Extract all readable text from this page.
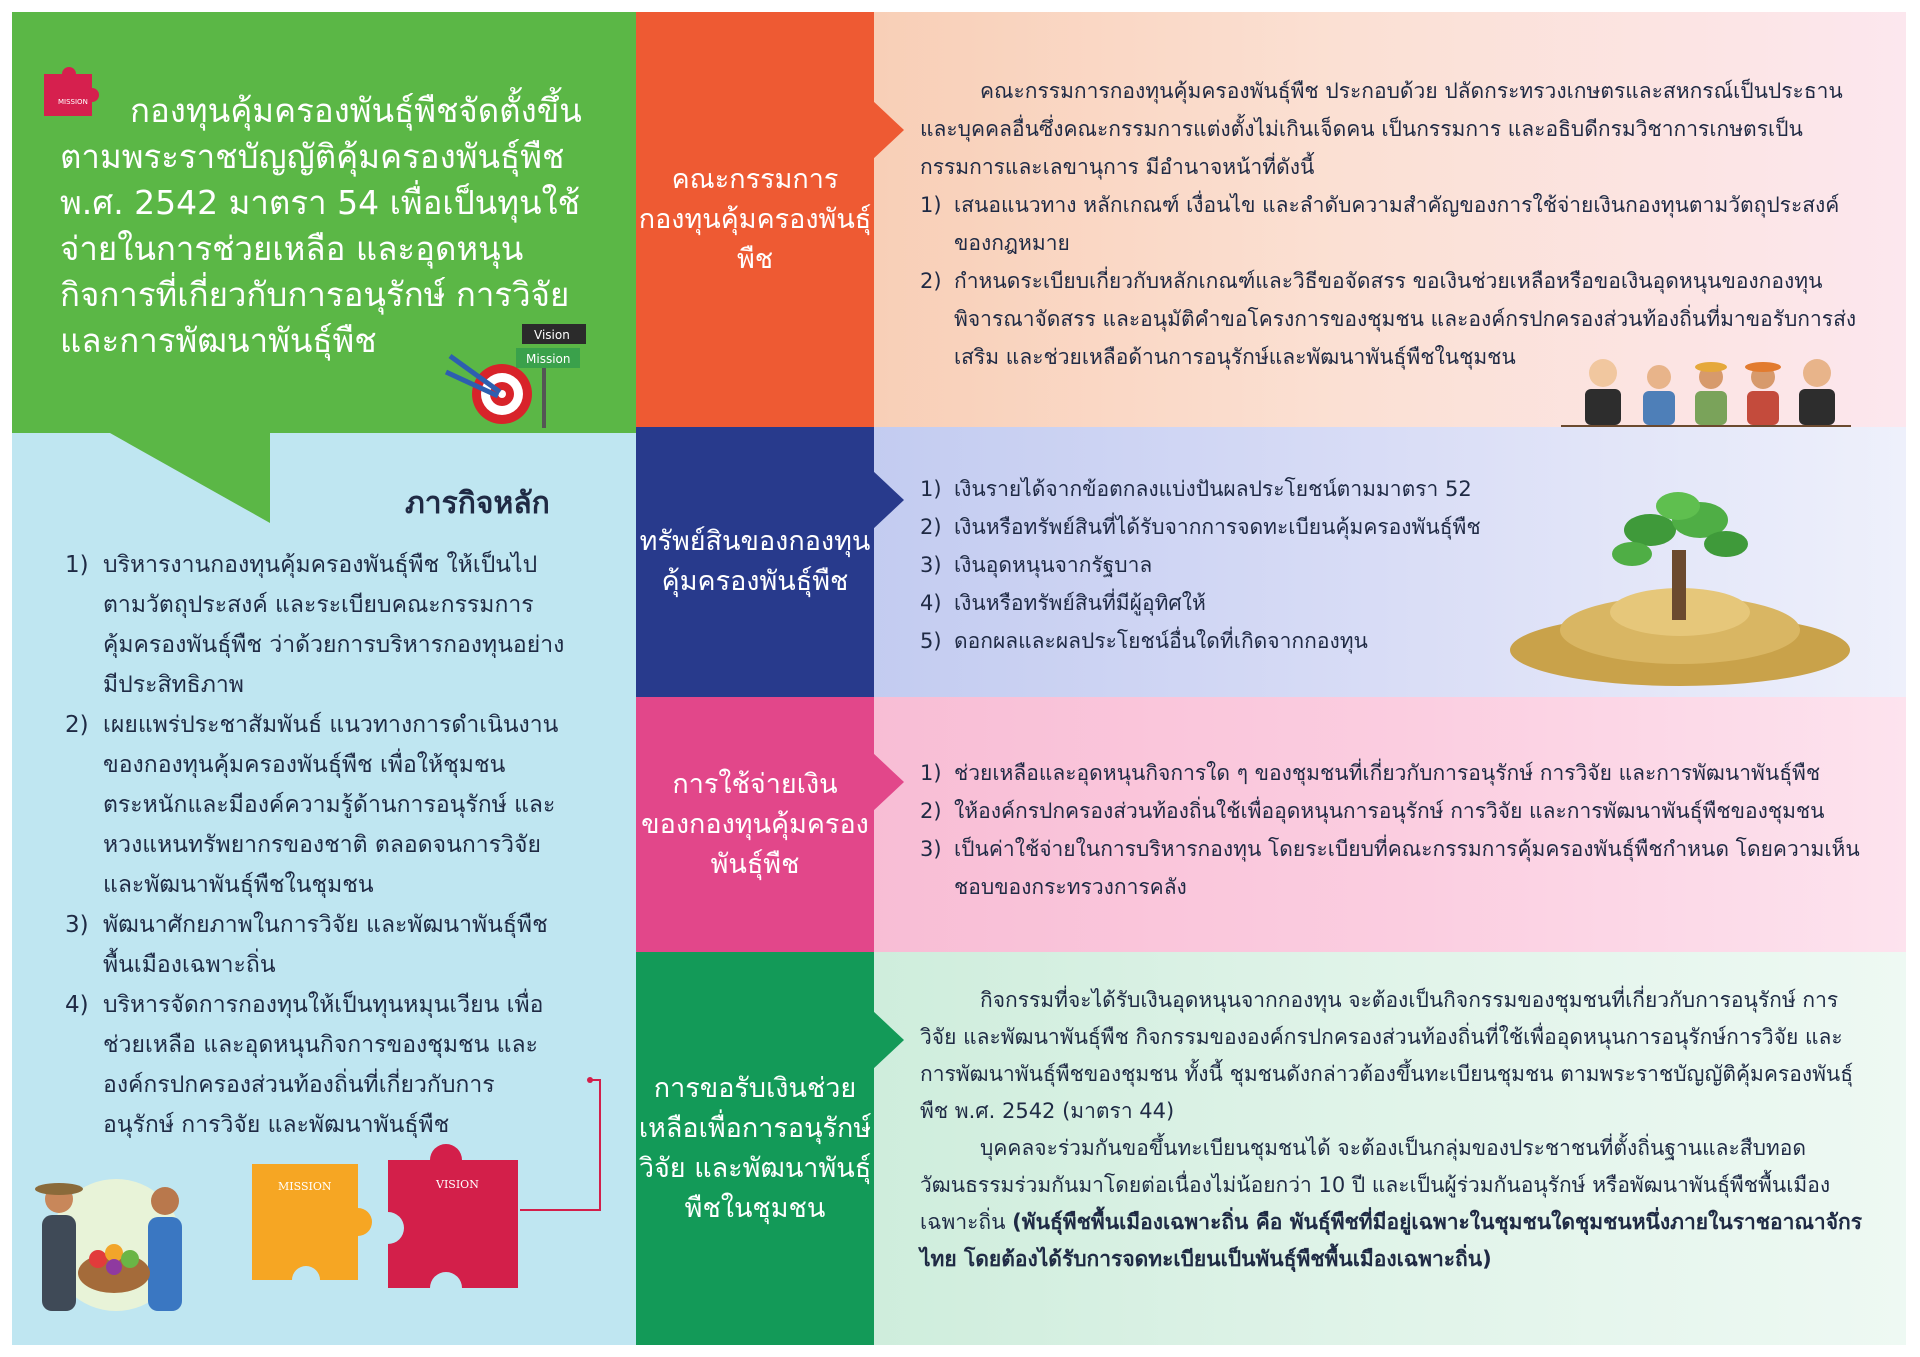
MISSION	กองทุนคุ้มครองพันธุ์พืชจัดตั้งขึ้นตามพระราชบัญญัติคุ้มครองพันธุ์พืช พ.ศ. 2542 มาตรา 54 เพื่อเป็นทุนใช้จ่ายในการช่วยเหลือ และอุดหนุนกิจการที่เกี่ยวกับการอนุรักษ์ การวิจัย และการพัฒนาพันธุ์พืช	Vision
Mission
ภารกิจหลัก
1) บริหารงานกองทุนคุ้มครองพันธุ์พืช ให้เป็นไปตามวัตถุประสงค์ และระเบียบคณะกรรมการคุ้มครองพันธุ์พืช ว่าด้วยการบริหารกองทุนอย่างมีประสิทธิภาพ
2) เผยแพร่ประชาสัมพันธ์ แนวทางการดำเนินงานของกองทุนคุ้มครองพันธุ์พืช เพื่อให้ชุมชนตระหนักและมีองค์ความรู้ด้านการอนุรักษ์ และหวงแหนทรัพยากรของชาติ ตลอดจนการวิจัย และพัฒนาพันธุ์พืชในชุมชน
3) พัฒนาศักยภาพในการวิจัย และพัฒนาพันธุ์พืชพื้นเมืองเฉพาะถิ่น
4) บริหารจัดการกองทุนให้เป็นทุนหมุนเวียน เพื่อช่วยเหลือ และอุดหนุนกิจการของชุมชน และองค์กรปกครองส่วนท้องถิ่นที่เกี่ยวกับการอนุรักษ์ การวิจัย และพัฒนาพันธุ์พืช
MISSION	VISION
คณะกรรมการกองทุนคุ้มครองพันธุ์พืช

คณะกรรมการกองทุนคุ้มครองพันธุ์พืช ประกอบด้วย ปลัดกระทรวงเกษตรและสหกรณ์เป็นประธาน และบุคคลอื่นซึ่งคณะกรรมการแต่งตั้งไม่เกินเจ็ดคน เป็นกรรมการ และอธิบดีกรมวิชาการเกษตรเป็นกรรมการและเลขานุการ มีอำนาจหน้าที่ดังนี้

1) เสนอแนวทาง หลักเกณฑ์ เงื่อนไข และลำดับความสำคัญของการใช้จ่ายเงินกองทุนตามวัตถุประสงค์ของกฎหมาย
2) กำหนดระเบียบเกี่ยวกับหลักเกณฑ์และวิธีขอจัดสรร ขอเงินช่วยเหลือหรือขอเงินอุดหนุนของกองทุนพิจารณาจัดสรร และอนุมัติคำขอโครงการของชุมชน และองค์กรปกครองส่วนท้องถิ่นที่มาขอรับการส่งเสริม และช่วยเหลือด้านการอนุรักษ์และพัฒนาพันธุ์พืชในชุมชน
ทรัพย์สินของกองทุนคุ้มครองพันธุ์พืช
1) เงินรายได้จากข้อตกลงแบ่งปันผลประโยชน์ตามมาตรา 52
2) เงินหรือทรัพย์สินที่ได้รับจากการจดทะเบียนคุ้มครองพันธุ์พืช
3) เงินอุดหนุนจากรัฐบาล
4) เงินหรือทรัพย์สินที่มีผู้อุทิศให้
5) ดอกผลและผลประโยชน์อื่นใดที่เกิดจากกองทุน
การใช้จ่ายเงินของกองทุนคุ้มครองพันธุ์พืช
1) ช่วยเหลือและอุดหนุนกิจการใด ๆ ของชุมชนที่เกี่ยวกับการอนุรักษ์ การวิจัย และการพัฒนาพันธุ์พืช
2) ให้องค์กรปกครองส่วนท้องถิ่นใช้เพื่ออุดหนุนการอนุรักษ์ การวิจัย และการพัฒนาพันธุ์พืชของชุมชน
3) เป็นค่าใช้จ่ายในการบริหารกองทุน โดยระเบียบที่คณะกรรมการคุ้มครองพันธุ์พืชกำหนด โดยความเห็นชอบของกระทรวงการคลัง
การขอรับเงินช่วยเหลือเพื่อการอนุรักษ์ วิจัย และพัฒนาพันธุ์พืชในชุมชน

กิจกรรมที่จะได้รับเงินอุดหนุนจากกองทุน จะต้องเป็นกิจกรรมของชุมชนที่เกี่ยวกับการอนุรักษ์ การวิจัย และพัฒนาพันธุ์พืช กิจกรรมขององค์กรปกครองส่วนท้องถิ่นที่ใช้เพื่ออุดหนุนการอนุรักษ์การวิจัย และการพัฒนาพันธุ์พืชของชุมชน ทั้งนี้ ชุมชนดังกล่าวต้องขึ้นทะเบียนชุมชน ตามพระราชบัญญัติคุ้มครองพันธุ์พืช พ.ศ. 2542 (มาตรา 44)

บุคคลจะร่วมกันขอขึ้นทะเบียนชุมชนได้ จะต้องเป็นกลุ่มของประชาชนที่ตั้งถิ่นฐานและสืบทอดวัฒนธรรมร่วมกันมาโดยต่อเนื่องไม่น้อยกว่า 10 ปี และเป็นผู้ร่วมกันอนุรักษ์ หรือพัฒนาพันธุ์พืชพื้นเมืองเฉพาะถิ่น (พันธุ์พืชพื้นเมืองเฉพาะถิ่น คือ พันธุ์พืชที่มีอยู่เฉพาะในชุมชนใดชุมชนหนึ่งภายในราชอาณาจักรไทย โดยต้องได้รับการจดทะเบียนเป็นพันธุ์พืชพื้นเมืองเฉพาะถิ่น)
